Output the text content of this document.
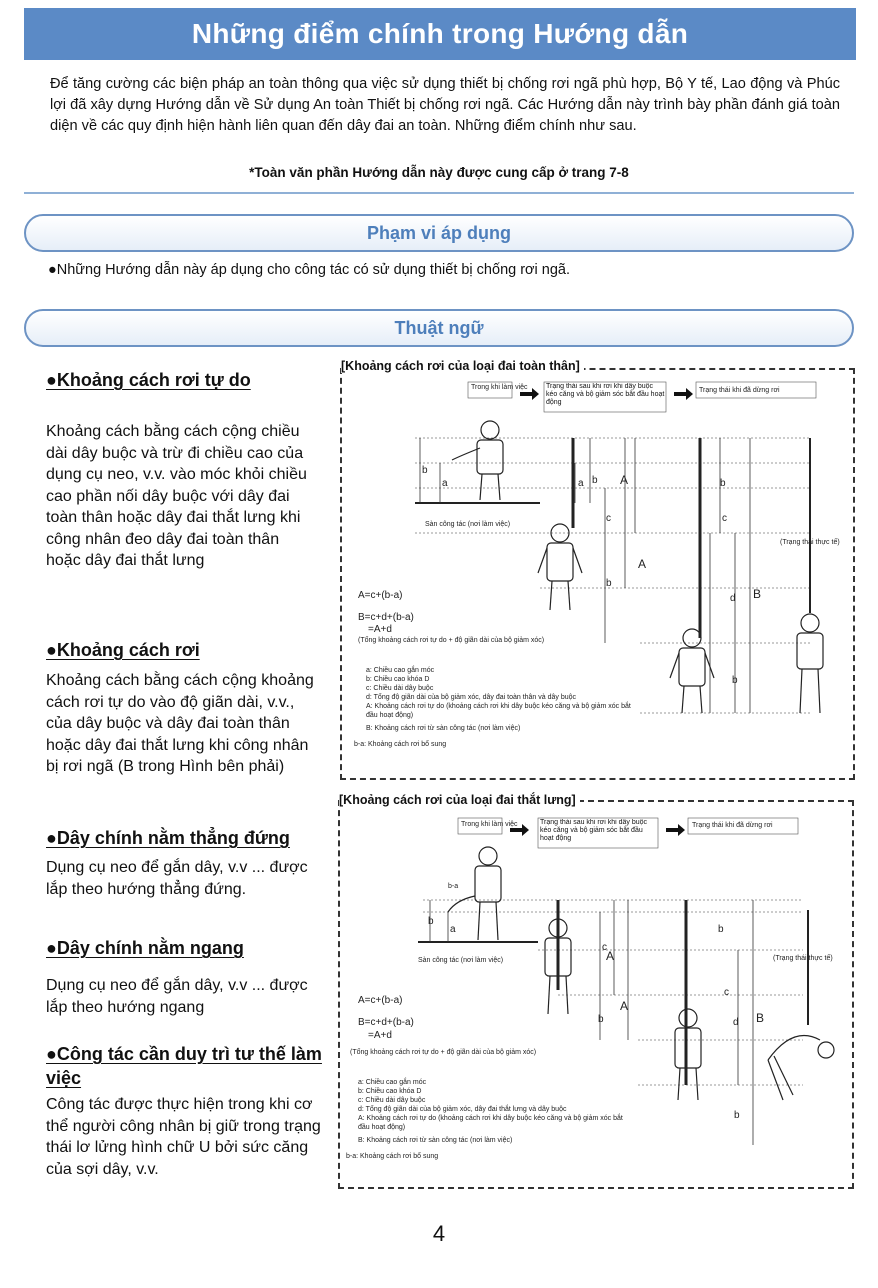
Những điểm chính trong Hướng dẫn

Để tăng cường các biện pháp an toàn thông qua việc sử dụng thiết bị chống rơi ngã phù hợp, Bộ Y tế, Lao động và Phúc lợi đã xây dựng Hướng dẫn về Sử dụng An toàn Thiết bị chống rơi ngã. Các Hướng dẫn này trình bày phần đánh giá toàn diện về các quy định hiện hành liên quan đến dây đai an toàn. Những điểm chính như sau.

*Toàn văn phần Hướng dẫn này được cung cấp ở trang 7-8
Phạm vi áp dụng
●Những Hướng dẫn này áp dụng cho công tác có sử dụng thiết bị chống rơi ngã.
Thuật ngữ
●Khoảng cách rơi tự do
Khoảng cách bằng cách cộng chiều dài dây buộc và trừ đi chiều cao của dụng cụ neo, v.v. vào móc khỏi chiều cao phần nối dây buộc với dây đai toàn thân hoặc dây đai thắt lưng khi công nhân đeo dây đai toàn thân hoặc dây đai thắt lưng
●Khoảng cách rơi
Khoảng cách bằng cách cộng khoảng cách rơi tự do vào độ giãn dài, v.v., của dây buộc và dây đai toàn thân hoặc dây đai thắt lưng khi công nhân bị rơi ngã (B trong Hình bên phải)
●Dây chính nằm thẳng đứng
Dụng cụ neo để gắn dây, v.v ... được lắp theo hướng thẳng đứng.
●Dây chính nằm ngang
Dụng cụ neo để gắn dây, v.v ... được lắp theo hướng ngang
●Công tác cần duy trì tư thế làm việc
Công tác được thực hiện trong khi cơ thể người công nhân bị giữ trong trạng thái lơ lửng hình chữ U bởi sức căng của sợi dây, v.v.
[Khoảng cách rơi của loại đai toàn thân]
Trong khi làm việc	Trạng thái sau khi rơi khi dây buộc kéo căng và bộ giảm sóc bắt đầu hoạt động
Trạng thái khi đã dừng rơi
Sàn công tác (nơi làm việc)
b
a	a b A
c
b
A
b
c
d B
b
(Trạng thái thực tế)
A=c+(b-a)
B=c+d+(b-a)
=A+d
(Tổng khoảng cách rơi tự do + độ giãn dài của bộ giảm xóc)
a: Chiều cao gắn móc
b: Chiều cao khóa D
c: Chiều dài dây buộc
d: Tổng độ giãn dài của bộ giảm xóc, dây đai toàn thân và dây buộc
A: Khoảng cách rơi tự do (khoảng cách rơi khi dây buộc kéo căng và bộ giảm xóc bắt
đầu hoạt động)
B: Khoảng cách rơi từ sàn công tác (nơi làm việc)
b-a: Khoảng cách rơi bổ sung
[Khoảng cách rơi của loại đai thắt lưng]
Trong khi làm việc	Trạng thái sau khi rơi khi dây buộc kéo căng và bộ giảm sóc bắt đầu hoạt động
Trạng thái khi đã dừng rơi
Sàn công tác (nơi làm việc)
b-a
b
a
c
A
b
A
b
c
d B
b
(Trạng thái thực tế)
A=c+(b-a)
B=c+d+(b-a)
=A+d
(Tổng khoảng cách rơi tự do + độ giãn dài của bộ giảm xóc)
a: Chiều cao gắn móc
b: Chiều cao khóa D
c: Chiều dài dây buộc
d: Tổng độ giãn dài của bộ giảm xóc, dây đai thắt lưng và dây buộc
A: Khoảng cách rơi tự do (khoảng cách rơi khi dây buộc kéo căng và bộ giảm xóc bắt
đầu hoạt động)
B: Khoảng cách rơi từ sàn công tác (nơi làm việc)
b-a: Khoảng cách rơi bổ sung
4
